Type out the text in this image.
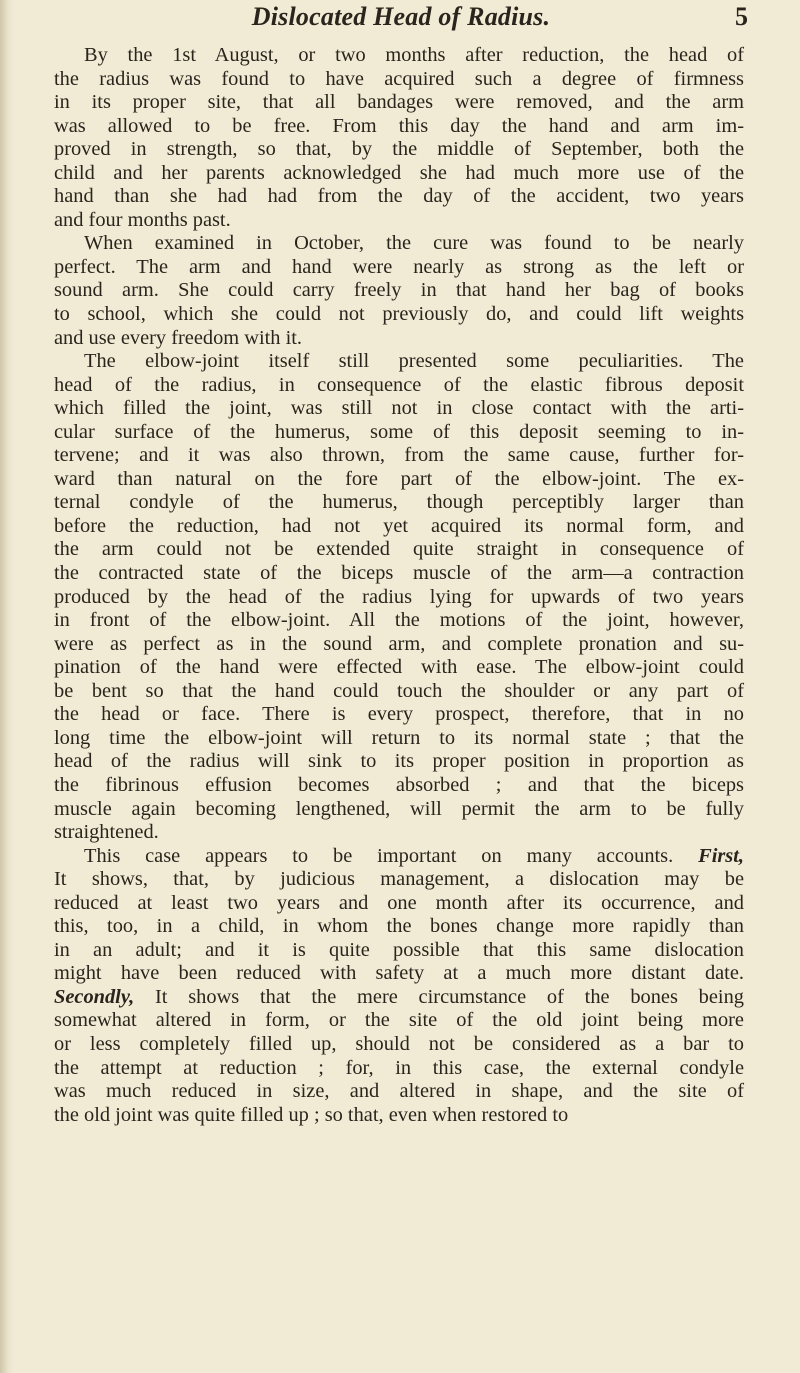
Dislocated Head of Radius.	5
By the 1st August, or two months after reduction, the head of
the radius was found to have acquired such a degree of firmness
in its proper site, that all bandages were removed, and the arm
was allowed to be free. From this day the hand and arm im-
proved in strength, so that, by the middle of September, both the
child and her parents acknowledged she had much more use of the
hand than she had had from the day of the accident, two years
and four months past.
When examined in October, the cure was found to be nearly
perfect. The arm and hand were nearly as strong as the left or
sound arm. She could carry freely in that hand her bag of books
to school, which she could not previously do, and could lift weights
and use every freedom with it.
The elbow-joint itself still presented some peculiarities. The
head of the radius, in consequence of the elastic fibrous deposit
which filled the joint, was still not in close contact with the arti-
cular surface of the humerus, some of this deposit seeming to in-
tervene; and it was also thrown, from the same cause, further for-
ward than natural on the fore part of the elbow-joint. The ex-
ternal condyle of the humerus, though perceptibly larger than
before the reduction, had not yet acquired its normal form, and
the arm could not be extended quite straight in consequence of
the contracted state of the biceps muscle of the arm—a contraction
produced by the head of the radius lying for upwards of two years
in front of the elbow-joint. All the motions of the joint, however,
were as perfect as in the sound arm, and complete pronation and su-
pination of the hand were effected with ease. The elbow-joint could
be bent so that the hand could touch the shoulder or any part of
the head or face. There is every prospect, therefore, that in no
long time the elbow-joint will return to its normal state ; that the
head of the radius will sink to its proper position in proportion as
the fibrinous effusion becomes absorbed ; and that the biceps
muscle again becoming lengthened, will permit the arm to be fully
straightened.
This case appears to be important on many accounts. First,
It shows, that, by judicious management, a dislocation may be
reduced at least two years and one month after its occurrence, and
this, too, in a child, in whom the bones change more rapidly than
in an adult; and it is quite possible that this same dislocation
might have been reduced with safety at a much more distant date.
Secondly, It shows that the mere circumstance of the bones being
somewhat altered in form, or the site of the old joint being more
or less completely filled up, should not be considered as a bar to
the attempt at reduction ; for, in this case, the external condyle
was much reduced in size, and altered in shape, and the site of
the old joint was quite filled up ; so that, even when restored to
